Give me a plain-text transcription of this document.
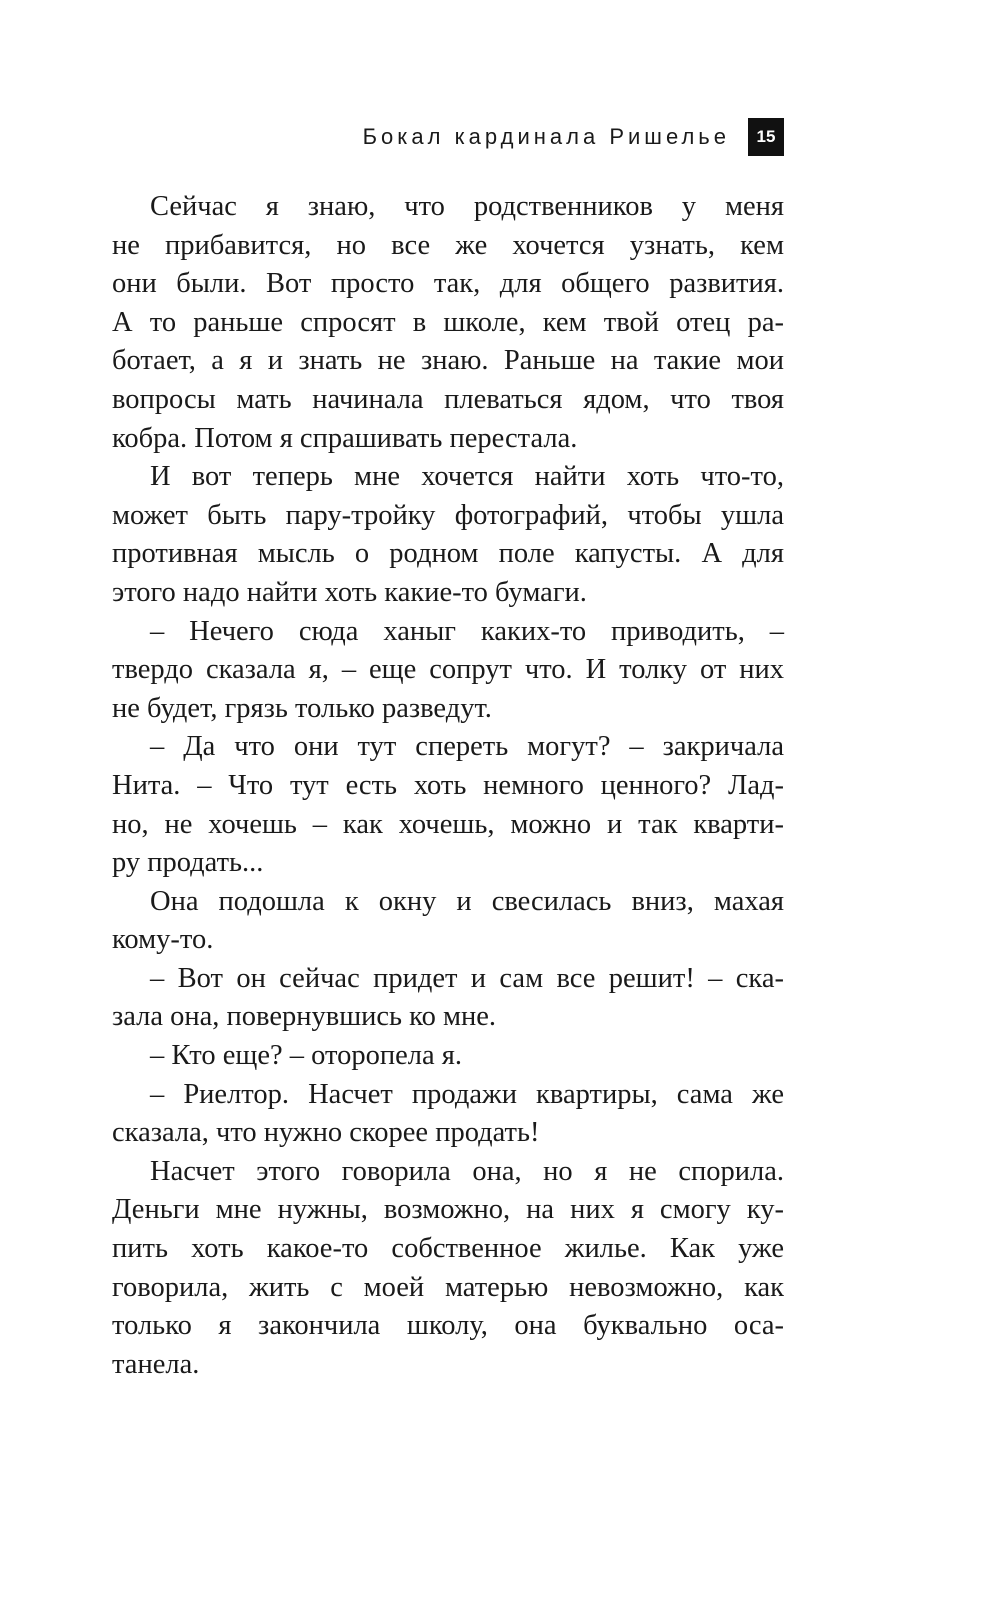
Бокал кардинала Ришелье	15

Сейчас я знаю, что родственников у меня
не прибавится, но все же хочется узнать, кем
они были. Вот просто так, для общего развития.
А то раньше спросят в школе, кем твой отец ра-
ботает, а я и знать не знаю. Раньше на такие мои
вопросы мать начинала плеваться ядом, что твоя
кобра. Потом я спрашивать перестала.

И вот теперь мне хочется найти хоть что-то,
может быть пару-тройку фотографий, чтобы ушла
противная мысль о родном поле капусты. А для
этого надо найти хоть какие-то бумаги.

– Нечего сюда ханыг каких-то приводить, –
твердо сказала я, – еще сопрут что. И толку от них
не будет, грязь только разведут.

– Да что они тут спереть могут? – закричала
Нита. – Что тут есть хоть немного ценного? Лад-
но, не хочешь – как хочешь, можно и так кварти-
ру продать...

Она подошла к окну и свесилась вниз, махая
кому-то.

– Вот он сейчас придет и сам все решит! – ска-
зала она, повернувшись ко мне.

– Кто еще? – оторопела я.

– Риелтор. Насчет продажи квартиры, сама же
сказала, что нужно скорее продать!

Насчет этого говорила она, но я не спорила.
Деньги мне нужны, возможно, на них я смогу ку-
пить хоть какое-то собственное жилье. Как уже
говорила, жить с моей матерью невозможно, как
только я закончила школу, она буквально оса-
танела.
